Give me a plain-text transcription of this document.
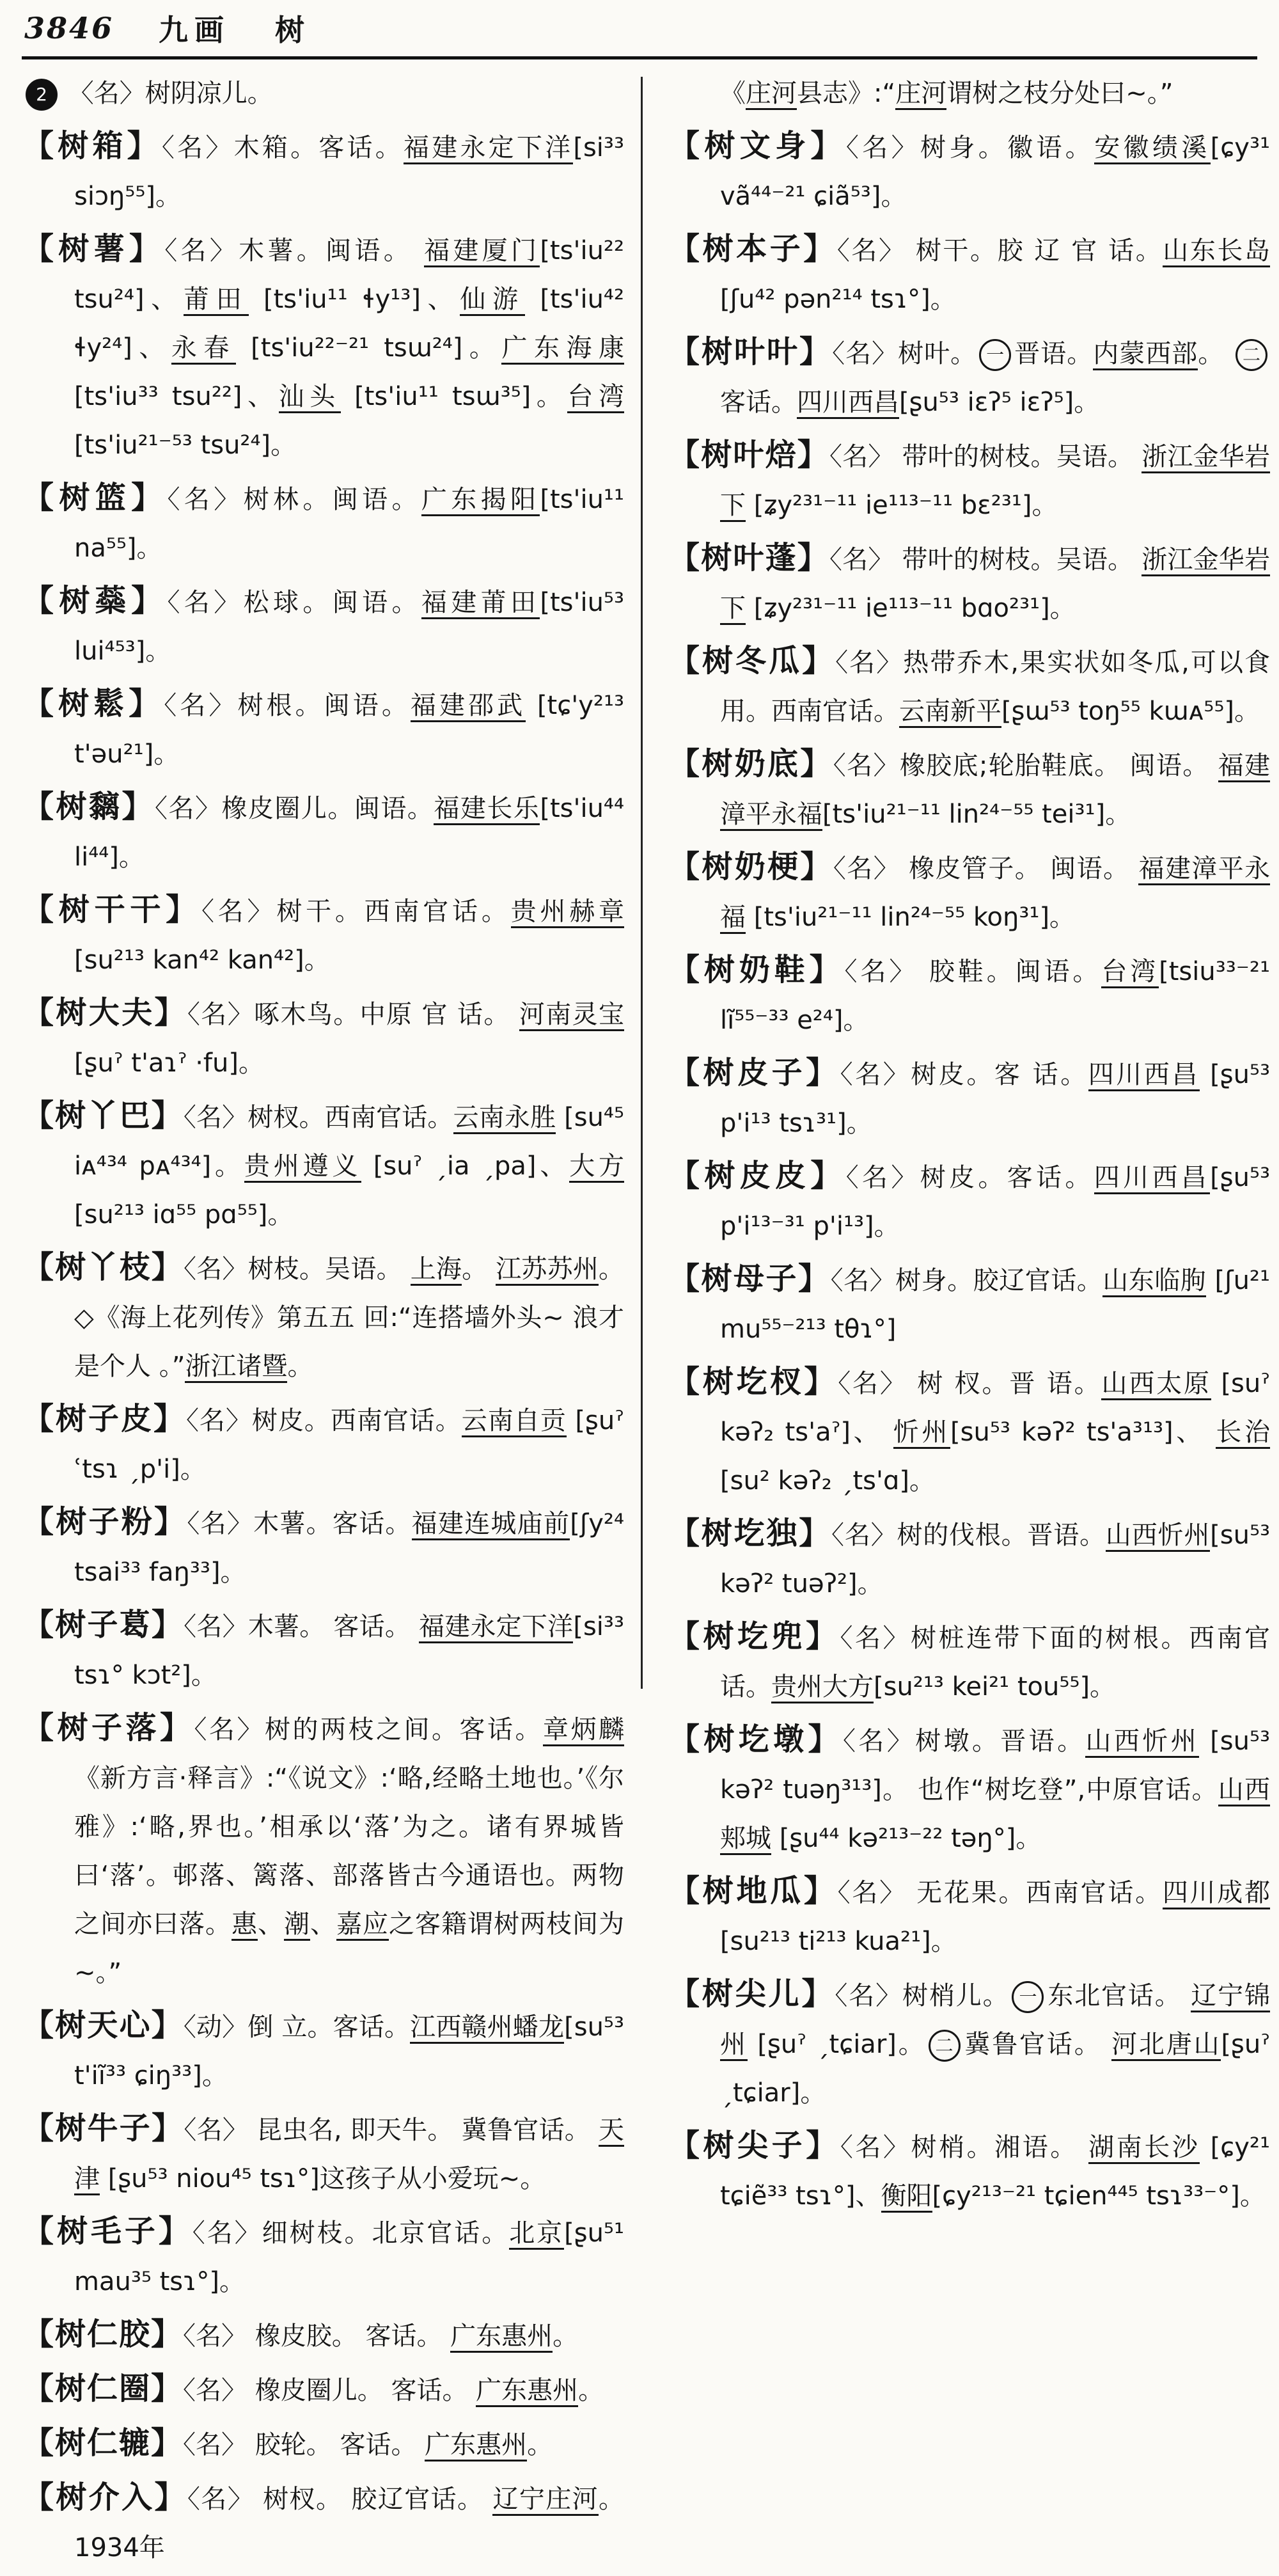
3846 九画 树
2 〈名〉树阴凉儿。
【树箱】〈名〉木箱。客话。福建永定下洋[si³³ siɔŋ⁵⁵]。
【树薯】〈名〉木薯。闽语。 福建厦门[ts'iu²² tsu²⁴]、莆田 [ts'iu¹¹ ɬy¹³]、仙游 [ts'iu⁴² ɬy²⁴]、永春 [ts'iu²²⁻²¹ tsɯ²⁴]。广东海康[ts'iu³³ tsu²²]、汕头 [ts'iu¹¹ tsɯ³⁵]。台湾[ts'iu²¹⁻⁵³ tsu²⁴]。
【树篮】〈名〉树林。闽语。广东揭阳[ts'iu¹¹ na⁵⁵]。
【树蘂】〈名〉松球。闽语。福建莆田[ts'iu⁵³ lui⁴⁵³]。
【树鬆】〈名〉树根。闽语。福建邵武 [tɕ'y²¹³ t'əu²¹]。
【树黐】〈名〉橡皮圈儿。闽语。福建长乐[ts'iu⁴⁴ li⁴⁴]。
【树干干】〈名〉树干。西南官话。贵州赫章 [su²¹³ kan⁴² kan⁴²]。
【树大夫】〈名〉啄木鸟。中原 官 话。 河南灵宝[ʂuˀ t'aɿˀ ·fu]。
【树丫巴】〈名〉树杈。西南官话。云南永胜 [su⁴⁵ iᴀ⁴³⁴ pᴀ⁴³⁴]。贵州遵义 [suˀ ˏia ˏpa]、大方 [su²¹³ iɑ⁵⁵ pɑ⁵⁵]。
【树丫枝】〈名〉树枝。吴语。 上海。 江苏苏州。◇《海上花列传》第五五 回:“连搭墙外头~ 浪才 是个人 。”浙江诸暨。
【树子皮】〈名〉树皮。西南官话。云南自贡 [ʂuˀ ʿtsɿ ˏp'i]。
【树子粉】〈名〉木薯。客话。福建连城庙前[ʃy²⁴ tsai³³ faŋ³³]。
【树子葛】〈名〉木薯。 客话。 福建永定下洋[si³³ tsɿ° kɔt²]。
【树子落】〈名〉树的两枝之间。客话。章炳麟《新方言·释言》:“《说文》:‘略,经略土地也。’《尔雅》:‘略,界也。’相承以‘落’为之。诸有界城皆曰‘落’。邨落、篱落、部落皆古今通语也。两物之间亦曰落。惠、潮、嘉应之客籍谓树两枝间为~。”
【树天心】〈动〉倒 立。客话。江西赣州蟠龙[su⁵³ t'iĩ³³ ɕiŋ³³]。
【树牛子】〈名〉 昆虫名, 即天牛。 冀鲁官话。 天津 [ʂu⁵³ niou⁴⁵ tsɿ°]这孩子从小爱玩~。
【树毛子】〈名〉细树枝。北京官话。北京[ʂu⁵¹ mau³⁵ tsɿ°]。
【树仁胶】〈名〉 橡皮胶。 客话。 广东惠州。
【树仁圈】〈名〉 橡皮圈儿。 客话。 广东惠州。
【树仁辘】〈名〉 胶轮。 客话。 广东惠州。
【树介入】〈名〉 树杈。 胶辽官话。 辽宁庄河。 1934年
《庄河县志》:“庄河谓树之枝分处曰~。”
【树文身】〈名〉树身。徽语。安徽绩溪[ɕy³¹ vã⁴⁴⁻²¹ ɕiã⁵³]。
【树本子】〈名〉 树干。胶 辽 官 话。山东长岛[ʃu⁴² pən²¹⁴ tsɿ°]。
【树叶叶】〈名〉树叶。 一 晋语。内蒙西部。 二客话。四川西昌[ʂu⁵³ iɛʔ⁵ iɛʔ⁵]。
【树叶焙】〈名〉 带叶的树枝。吴语。 浙江金华岩下 [ʑy²³¹⁻¹¹ ie¹¹³⁻¹¹ bɛ²³¹]。
【树叶蓬】〈名〉 带叶的树枝。吴语。 浙江金华岩下 [ʑy²³¹⁻¹¹ ie¹¹³⁻¹¹ bɑo²³¹]。
【树冬瓜】〈名〉热带乔木,果实状如冬瓜,可以食用。西南官话。云南新平[ʂɯ⁵³ toŋ⁵⁵ kɯᴀ⁵⁵]。
【树奶底】〈名〉橡胶底;轮胎鞋底。 闽语。 福建漳平永福[ts'iu²¹⁻¹¹ lin²⁴⁻⁵⁵ tei³¹]。
【树奶梗】〈名〉 橡皮管子。 闽语。 福建漳平永福 [ts'iu²¹⁻¹¹ lin²⁴⁻⁵⁵ koŋ³¹]。
【树奶鞋】〈名〉 胶鞋。闽语。台湾[tsiu³³⁻²¹ lĩ⁵⁵⁻³³ e²⁴]。
【树皮子】〈名〉树皮。客 话。四川西昌 [ʂu⁵³ p'i¹³ tsɿ³¹]。
【树皮皮】〈名〉树皮。客话。四川西昌[ʂu⁵³ p'i¹³⁻³¹ p'i¹³]。
【树母子】〈名〉树身。胶辽官话。山东临朐 [ʃu²¹ mu⁵⁵⁻²¹³ tθɿ°]
【树圪杈】〈名〉 树 杈。晋 语。山西太原 [suˀ kəʔ₂ ts'aˀ]、 忻州[su⁵³ kəʔ² ts'a³¹³]、 长治[su² kəʔ₂ ˏts'ɑ]。
【树圪独】〈名〉树的伐根。晋语。山西忻州[su⁵³ kəʔ² tuəʔ²]。
【树圪兜】〈名〉树桩连带下面的树根。西南官话。贵州大方[su²¹³ kei²¹ tou⁵⁵]。
【树圪墩】〈名〉树墩。晋语。山西忻州 [su⁵³ kəʔ² tuəŋ³¹³]。 也作“树圪登”,中原官话。山西郏城 [ʂu⁴⁴ kə²¹³⁻²² təŋ°]。
【树地瓜】〈名〉 无花果。西南官话。四川成都 [su²¹³ ti²¹³ kua²¹]。
【树尖儿】〈名〉树梢儿。 一 东北官话。 辽宁锦州 [ʂuˀ ˏtɕiar]。 二 冀鲁官话。 河北唐山[ʂuˀ ˏtɕiar]。
【树尖子】〈名〉树梢。湘语。 湖南长沙 [ɕy²¹ tɕiẽ³³ tsɿ°]、衡阳[ɕy²¹³⁻²¹ tɕien⁴⁴⁵ tsɿ³³⁻°]。
